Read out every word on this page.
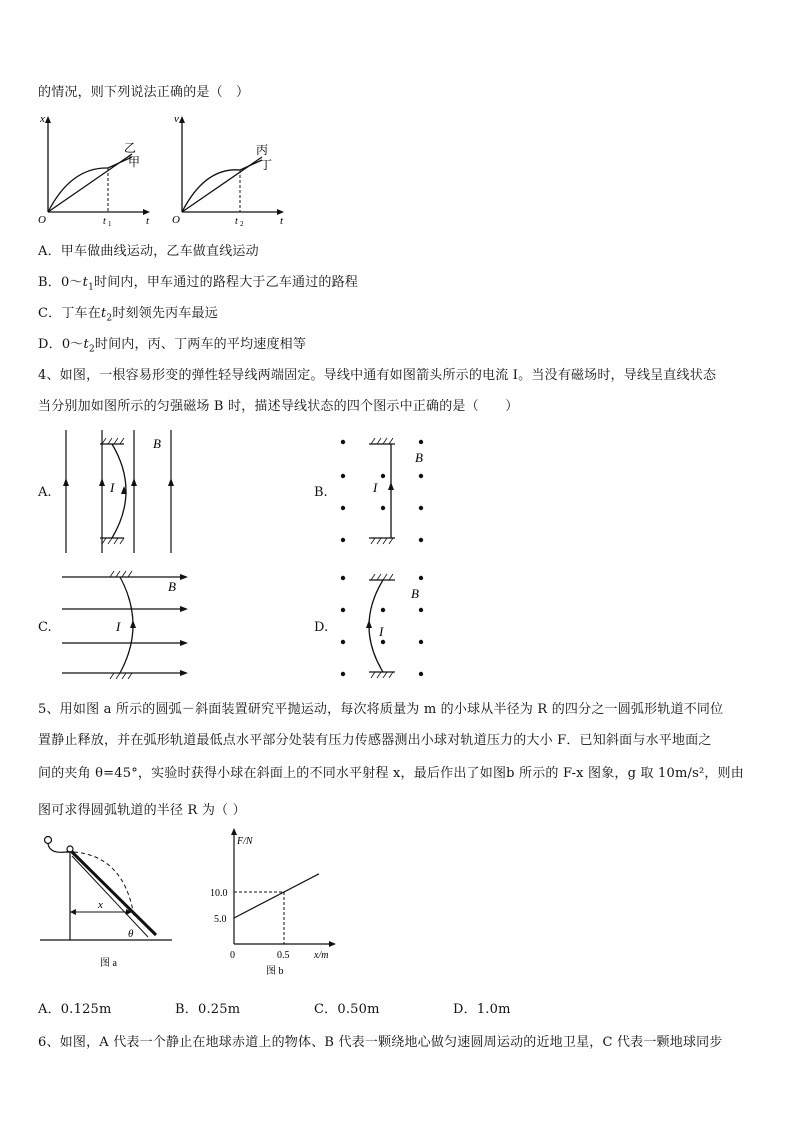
的情况，则下列说法正确的是（　）
x
t
O	t 1
乙
甲
v
t
O	t 2
丙
丁
A．甲车做曲线运动，乙车做直线运动
B．$0\sim t_1$时间内，甲车通过的路程大于乙车通过的路程
C．丁车在$t_2$时刻领先丙车最远
D．$0\sim t_2$时间内，丙、丁两车的平均速度相等
4、如图，一根容易形变的弹性轻导线两端固定。导线中通有如图箭头所示的电流 I。当没有磁场时，导线呈直线状态
当分别加如图所示的匀强磁场 B 时，描述导线状态的四个图示中正确的是（　　）
A.	I
B
B.	I
B
C.	I
B
D.	I
B
5、用如图 a 所示的圆弧－斜面装置研究平抛运动，每次将质量为 m 的小球从半径为 R 的四分之一圆弧形轨道不同位
置静止释放，并在弧形轨道最低点水平部分处装有压力传感器测出小球对轨道压力的大小 F．已知斜面与水平地面之
间的夹角 θ=45°，实验时获得小球在斜面上的不同水平射程 x，最后作出了如图b 所示的 F-x 图象，g 取 10m/s²，则由
图可求得圆弧轨道的半径 R 为（ ）
x
θ
图 a
F/N
x/m
0
10.0
5.0
0.5
图 b
A．0.125m	B．0.25m	C．0.50m	D．1.0m
6、如图，A 代表一个静止在地球赤道上的物体、B 代表一颗绕地心做匀速圆周运动的近地卫星，C 代表一颗地球同步
